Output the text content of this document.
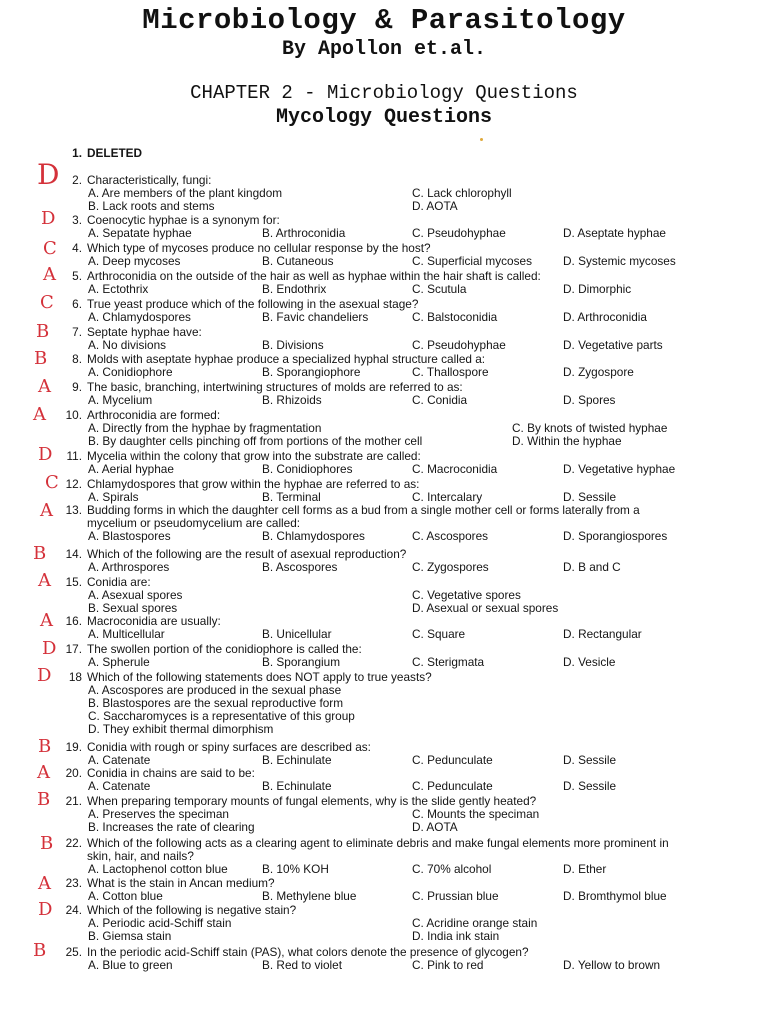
Microbiology & Parasitology
By Apollon et.al.
CHAPTER 2 - Microbiology Questions
Mycology Questions
1. DELETED
2. Characteristically, fungi:
A. Are members of the plant kingdom	C. Lack chlorophyll
B. Lack roots and stems	D. AOTA
D
3. Coenocytic hyphae is a synonym for:
A. Sepatate hyphae	B. Arthroconidia	C. Pseudohyphae	D. Aseptate hyphae
D
4. Which type of mycoses produce no cellular response by the host?
A. Deep mycoses	B. Cutaneous	C. Superficial mycoses	D. Systemic mycoses
C
5. Arthroconidia on the outside of the hair as well as hyphae within the hair shaft is called:
A. Ectothrix	B. Endothrix	C. Scutula	D. Dimorphic
A
6. True yeast produce which of the following in the asexual stage?
A. Chlamydospores	B. Favic chandeliers	C. Balstoconidia	D. Arthroconidia
C
7. Septate hyphae have:
A. No divisions	B. Divisions	C. Pseudohyphae	D. Vegetative parts
B
8. Molds with aseptate hyphae produce a specialized hyphal structure called a:
A. Conidiophore	B. Sporangiophore	C. Thallospore	D. Zygospore
B
9. The basic, branching, intertwining structures of molds are referred to as:
A. Mycelium	B. Rhizoids	C. Conidia	D. Spores
A
10. Arthroconidia are formed:
A. Directly from the hyphae by fragmentation	C. By knots of twisted hyphae
B. By daughter cells pinching off from portions of the mother cell	D. Within the hyphae
A
11. Mycelia within the colony that grow into the substrate are called:
A. Aerial hyphae	B. Conidiophores	C. Macroconidia	D. Vegetative hyphae
D
12. Chlamydospores that grow within the hyphae are referred to as:
A. Spirals	B. Terminal	C. Intercalary	D. Sessile
C
13. Budding forms in which the daughter cell forms as a bud from a single mother cell or forms laterally from a
mycelium or pseudomycelium are called:
A. Blastospores	B. Chlamydospores	C. Ascospores	D. Sporangiospores
A
14. Which of the following are the result of asexual reproduction?
A. Arthrospores	B. Ascospores	C. Zygospores	D. B and C
B
15. Conidia are:
A. Asexual spores	C. Vegetative spores
B. Sexual spores	D. Asexual or sexual spores
A
16. Macroconidia are usually:
A. Multicellular	B. Unicellular	C. Square	D. Rectangular
A
17. The swollen portion of the conidiophore is called the:
A. Spherule	B. Sporangium	C. Sterigmata	D. Vesicle
D
18 Which of the following statements does NOT apply to true yeasts?
A. Ascospores are produced in the sexual phase
B. Blastospores are the sexual reproductive form
C. Saccharomyces is a representative of this group
D. They exhibit thermal dimorphism
D
19. Conidia with rough or spiny surfaces are described as:
A. Catenate	B. Echinulate	C. Pedunculate	D. Sessile
B
20. Conidia in chains are said to be:
A. Catenate	B. Echinulate	C. Pedunculate	D. Sessile
A
21. When preparing temporary mounts of fungal elements, why is the slide gently heated?
A. Preserves the speciman	C. Mounts the speciman
B. Increases the rate of clearing	D. AOTA
B
22. Which of the following acts as a clearing agent to eliminate debris and make fungal elements more prominent in
skin, hair, and nails?
A. Lactophenol cotton blue	B. 10% KOH	C. 70% alcohol	D. Ether
B
23. What is the stain in Ancan medium?
A. Cotton blue	B. Methylene blue	C. Prussian blue	D. Bromthymol blue
A
24. Which of the following is negative stain?
A. Periodic acid-Schiff stain	C. Acridine orange stain
B. Giemsa stain	D. India ink stain
D
25. In the periodic acid-Schiff stain (PAS), what colors denote the presence of glycogen?
A. Blue to green	B. Red to violet	C. Pink to red	D. Yellow to brown
B
